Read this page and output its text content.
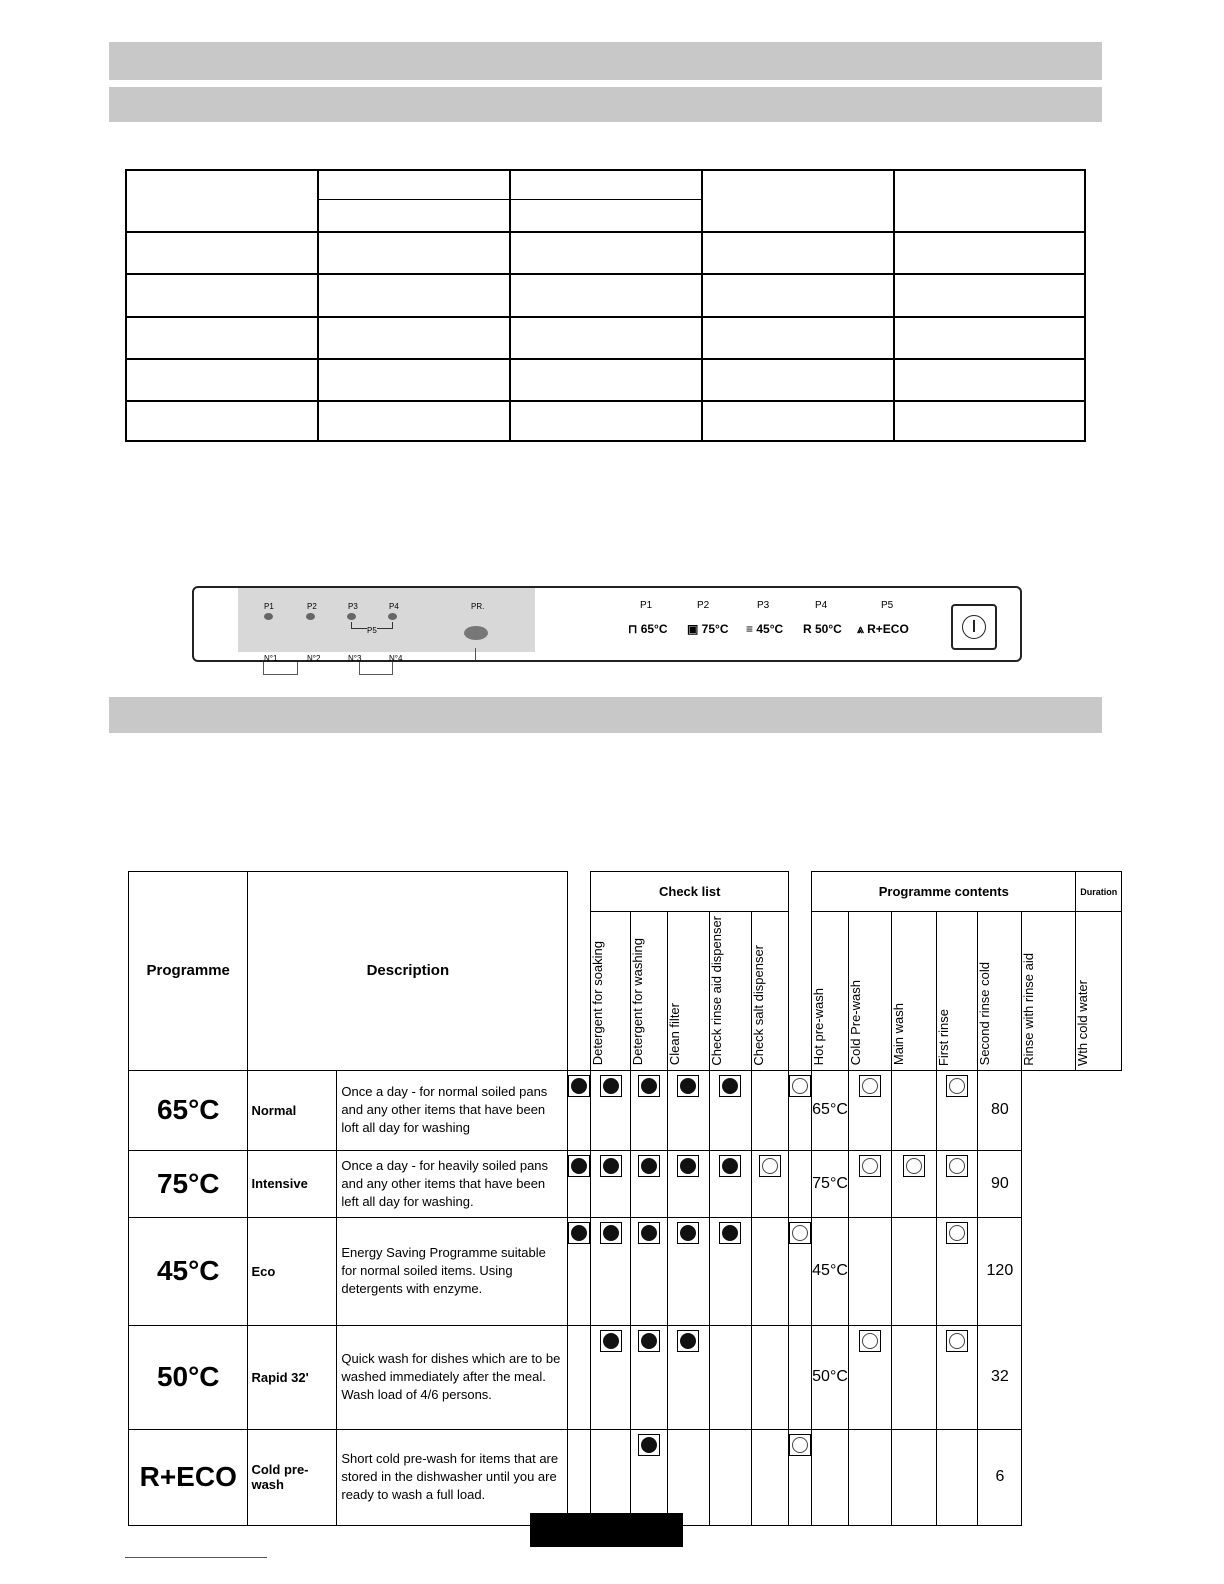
P1	P2	P3	P4
P5
PR.
N°1	N°2	N°3	N°4
P1	P2	P3	P4	P5
⊓ 65°C ▣ 75°C ≡ 45°C R 50°C ⩓ R+ECO
Programme	Description			Check list						Programme contents						Duration

				Detergent for soaking	Detergent for washing	Clean filter	Check rinse aid dispenser	Check salt dispenser		Hot pre-wash	Cold Pre-wash	Main wash	First rinse	Second rinse cold	Rinse with rinse aid	Wth cold water

65°C	Normal	Once a day - for normal soiled pans and any other items that have been loft all day for washing								65°C				80		
75°C	Intensive	Once a day - for heavily soiled pans and any other items that have been left all day for washing.								75°C				90		
45°C	Eco	Energy Saving Programme suitable for normal soiled items. Using detergents with enzyme.								45°C				120		
50°C	Rapid 32'	Quick wash for dishes which are to be washed immediately after the meal. Wash load of 4/6 persons.								50°C				32		
R+ECO	Cold pre-wash	Short cold pre-wash for items that are stored in the dishwasher until you are ready to wash a full load.												6		
